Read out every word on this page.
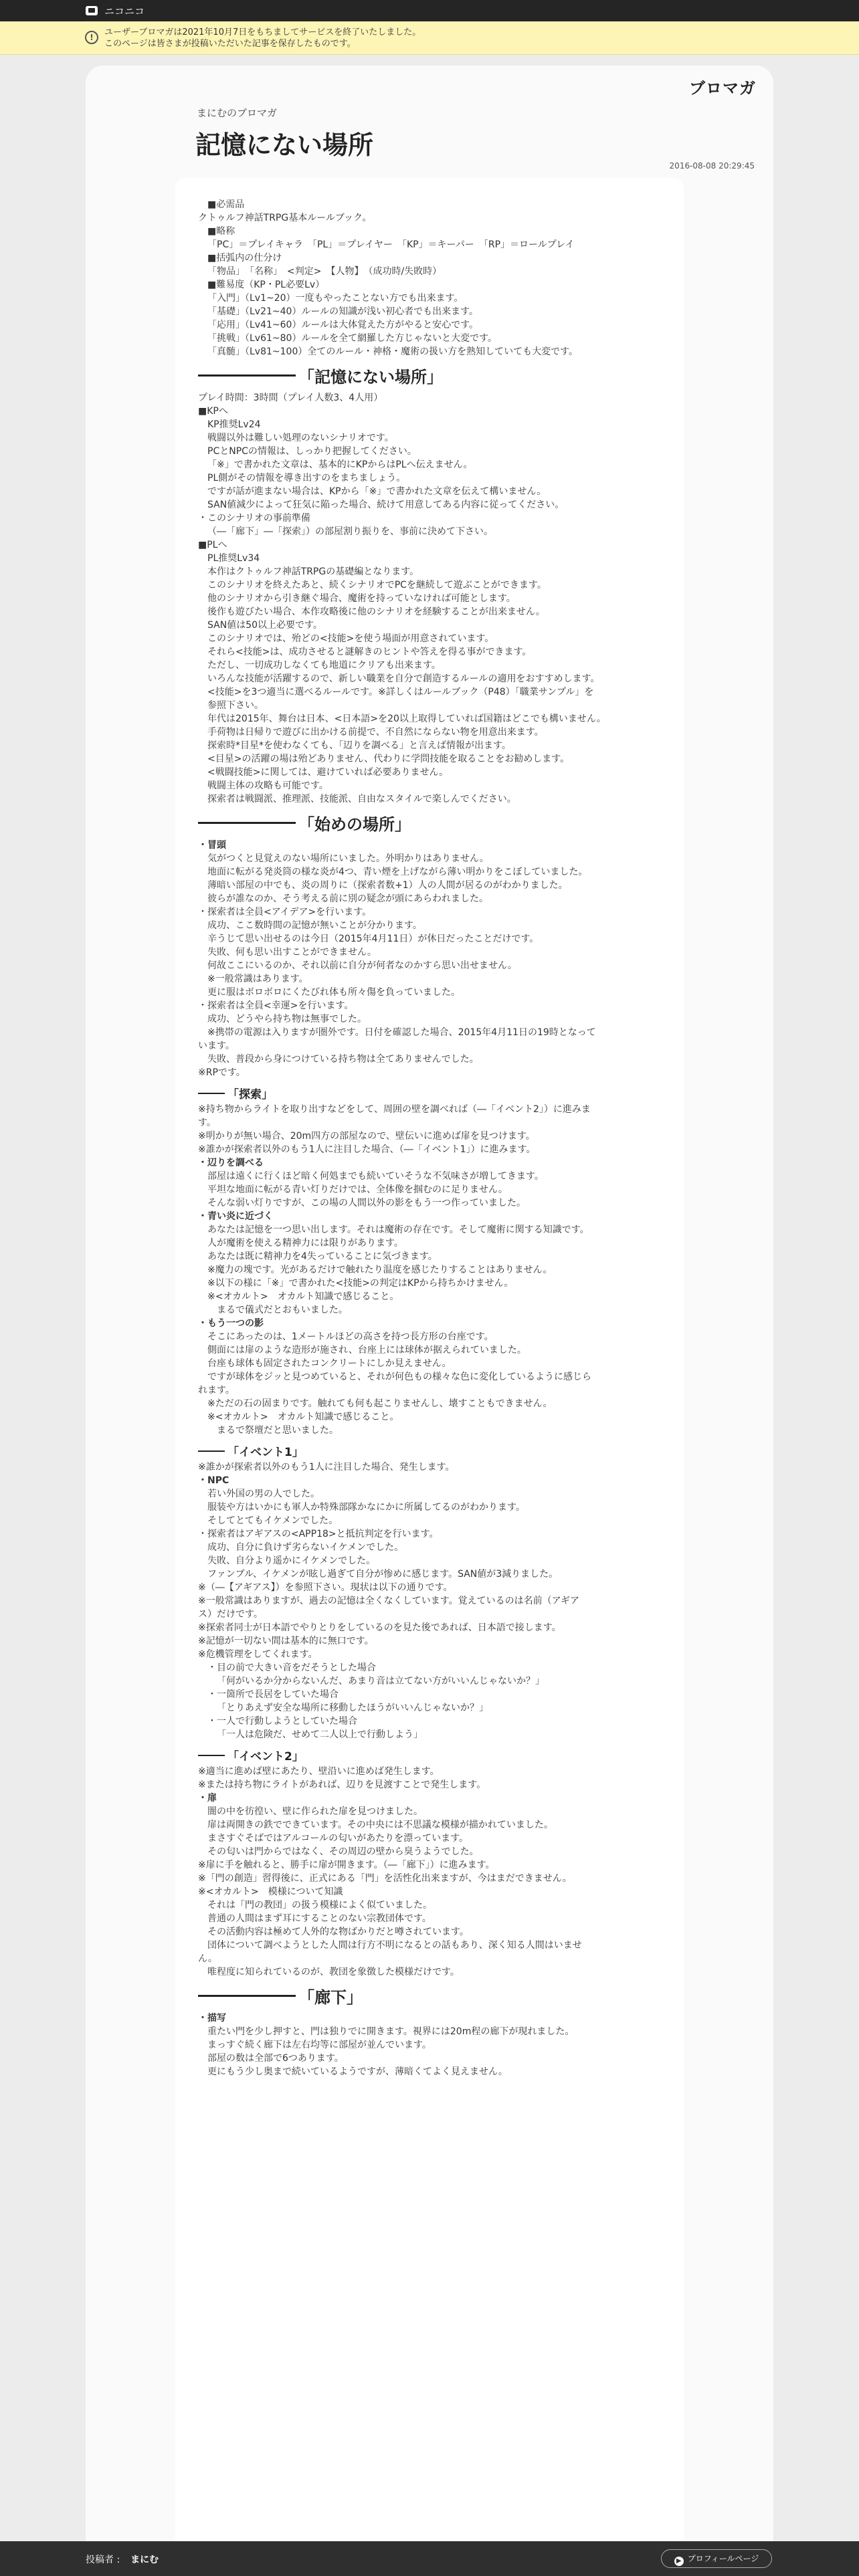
ニコニコ
!	ユーザーブロマガは2021年10月7日をもちましてサービスを終了いたしました。
このページは皆さまが投稿いただいた記事を保存したものです。
ブロマガ
まにむのブロマガ
記憶にない場所
2016-08-08 20:29:45

■必需品

クトゥルフ神話TRPG基本ルールブック。

■略称

「PC」＝プレイキャラ　「PL」＝プレイヤー　「KP」＝キーパー　「RP」＝ロールプレイ

■括弧内の仕分け

「物品」　「名称」　<判定>　【人物】　（成功時/失敗時）

■難易度（KP・PL必要Lv）

「入門」（Lv1~20）一度もやったことない方でも出来ます。

「基礎」（Lv21~40）ルールの知識が浅い初心者でも出来ます。

「応用」（Lv41~60）ルールは大体覚えた方がやると安心です。

「挑戦」（Lv61~80）ルールを全て網羅した方じゃないと大変です。

「真髄」（Lv81~100）全てのルール・神格・魔術の扱い方を熟知していても大変です。

「記憶にない場所」

プレイ時間：3時間（プレイ人数3、4人用）

■KPへ

KP推奨Lv24

戦闘以外は難しい処理のないシナリオです。

PCとNPCの情報は、しっかり把握してください。

「※」で書かれた文章は、基本的にKPからはPLへ伝えません。

PL側がその情報を導き出すのをまちましょう。

ですが話が進まない場合は、KPから「※」で書かれた文章を伝えて構いません。

SAN値減少によって狂気に陥った場合、続けて用意してある内容に従ってください。

・このシナリオの事前準備

（―「廊下」―「探索」）の部屋割り振りを、事前に決めて下さい。

■PLへ

PL推奨Lv34

本作はクトゥルフ神話TRPGの基礎編となります。

このシナリオを終えたあと、続くシナリオでPCを継続して遊ぶことができます。

他のシナリオから引き継ぐ場合、魔術を持っていなければ可能とします。

後作も遊びたい場合、本作攻略後に他のシナリオを経験することが出来ません。

SAN値は50以上必要です。

このシナリオでは、殆どの<技能>を使う場面が用意されています。

それら<技能>は、成功させると謎解きのヒントや答えを得る事ができます。

ただし、一切成功しなくても地道にクリアも出来ます。

いろんな技能が活躍するので、新しい職業を自分で創造するルールの適用をおすすめします。

<技能>を3つ適当に選べるルールです。※詳しくはルールブック（P48）「職業サンプル」を

参照下さい。

年代は2015年、舞台は日本、<日本語>を20以上取得していれば国籍はどこでも構いません。

手荷物は日帰りで遊びに出かける前提で、不自然にならない物を用意出来ます。

探索時*目星*を使わなくても、「辺りを調べる」と言えば情報が出ます。

<目星>の活躍の場は殆どありません、代わりに学問技能を取ることをお勧めします。

<戦闘技能>に関しては、避けていれば必要ありません。

戦闘主体の攻略も可能です。

探索者は戦闘派、推理派、技能派、自由なスタイルで楽しんでください。

「始めの場所」

・冒頭

気がつくと見覚えのない場所にいました。外明かりはありません。

地面に転がる発炎筒の様な炎が4つ、青い煙を上げながら薄い明かりをこぼしていました。

薄暗い部屋の中でも、炎の周りに（探索者数+1）人の人間が居るのがわかりました。

彼らが誰なのか、そう考える前に別の疑念が頭にあらわれました。

・探索者は全員<アイデア>を行います。

成功、ここ数時間の記憶が無いことが分かります。

辛うじて思い出せるのは今日（2015年4月11日）が休日だったことだけです。

失敗、何も思い出すことができません。

何故ここにいるのか、それ以前に自分が何者なのかすら思い出せません。

※一般常識はあります。

更に服はボロボロにくたびれ体も所々傷を負っていました。

・探索者は全員<幸運>を行います。

成功、どうやら持ち物は無事でした。

※携帯の電源は入りますが圏外です。日付を確認した場合、2015年4月11日の19時となって

います。

失敗、普段から身につけている持ち物は全てありませんでした。

※RPです。

「探索」

※持ち物からライトを取り出すなどをして、周囲の壁を調べれば（―「イベント2」）に進みま

す。

※明かりが無い場合、20m四方の部屋なので、壁伝いに進めば扉を見つけます。

※誰かが探索者以外のもう1人に注目した場合、（―「イベント1」）に進みます。

・辺りを調べる

部屋は遠くに行くほど暗く何処までも続いていそうな不気味さが増してきます。

平坦な地面に転がる青い灯りだけでは、全体像を掴むのに足りません。

そんな弱い灯りですが、この場の人間以外の影をもう一つ作っていました。

・青い炎に近づく

あなたは記憶を一つ思い出します。それは魔術の存在です。そして魔術に関する知識です。

人が魔術を使える精神力には限りがあります。

あなたは既に精神力を4失っていることに気づきます。

※魔力の塊です。光があるだけで触れたり温度を感じたりすることはありません。

※以下の様に「※」で書かれた<技能>の判定はKPから持ちかけません。

※<オカルト>　オカルト知識で感じること。

まるで儀式だとおもいました。

・もう一つの影

そこにあったのは、1メートルほどの高さを持つ長方形の台座です。

側面には扉のような造形が施され、台座上には球体が据えられていました。

台座も球体も固定されたコンクリートにしか見えません。

ですが球体をジッと見つめていると、それが何色もの様々な色に変化しているように感じら

れます。

※ただの石の固まりです。触れても何も起こりませんし、壊すこともできません。

※<オカルト>　オカルト知識で感じること。

まるで祭壇だと思いました。

「イベント1」

※誰かが探索者以外のもう1人に注目した場合、発生します。

・NPC

若い外国の男の人でした。

服装や方はいかにも軍人か特殊部隊かなにかに所属してるのがわかります。

そしてとてもイケメンでした。

・探索者はアギアスの<APP18>と抵抗判定を行います。

成功、自分に負けず劣らないイケメンでした。

失敗、自分より遥かにイケメンでした。

ファンブル、イケメンが眩し過ぎて自分が惨めに感じます。SAN値が3減りました。

※（―【アギアス】）を参照下さい。現状は以下の通りです。

※一般常識はありますが、過去の記憶は全くなくしています。覚えているのは名前（アギア

ス）だけです。

※探索者同士が日本語でやりとりをしているのを見た後であれば、日本語で接します。

※記憶が一切ない間は基本的に無口です。

※危機管理をしてくれます。

・目の前で大きい音をだそうとした場合

「何がいるか分からないんだ、あまり音は立てない方がいいんじゃないか？」

・一箇所で長居をしていた場合

「とりあえず安全な場所に移動したほうがいいんじゃないか？」

・一人で行動しようとしていた場合

「一人は危険だ、せめて二人以上で行動しよう」

「イベント2」

※適当に進めば壁にあたり、壁沿いに進めば発生します。

※または持ち物にライトがあれば、辺りを見渡すことで発生します。

・扉

闇の中を彷徨い、壁に作られた扉を見つけました。

扉は両開きの鉄でできています。その中央には不思議な模様が描かれていました。

まさすぐそばではアルコールの匂いがあたりを漂っています。

その匂いは門からではなく、その周辺の壁から臭うようでした。

※扉に手を触れると、勝手に扉が開きます。（―「廊下」）に進みます。

※「門の創造」習得後に、正式にある「門」を活性化出来ますが、今はまだできません。

※<オカルト>　模様について知識

それは「門の教団」の扱う模様によく似ていました。

普通の人間はまず耳にすることのない宗教団体です。

その活動内容は極めて人外的な物ばかりだと噂されています。

団体について調べようとした人間は行方不明になるとの話もあり、深く知る人間はいませ

ん。

唯程度に知られているのが、教団を象徴した模様だけです。

「廊下」

・描写

重たい門を少し押すと、門は独りでに開きます。視界には20m程の廊下が現れました。

まっすぐ続く廊下は左右均等に部屋が並んでいます。

部屋の数は全部で6つあります。

更にもう少し奥まで続いているようですが、薄暗くてよく見えません。

投稿者 : まにむ	▶ プロフィールページ
